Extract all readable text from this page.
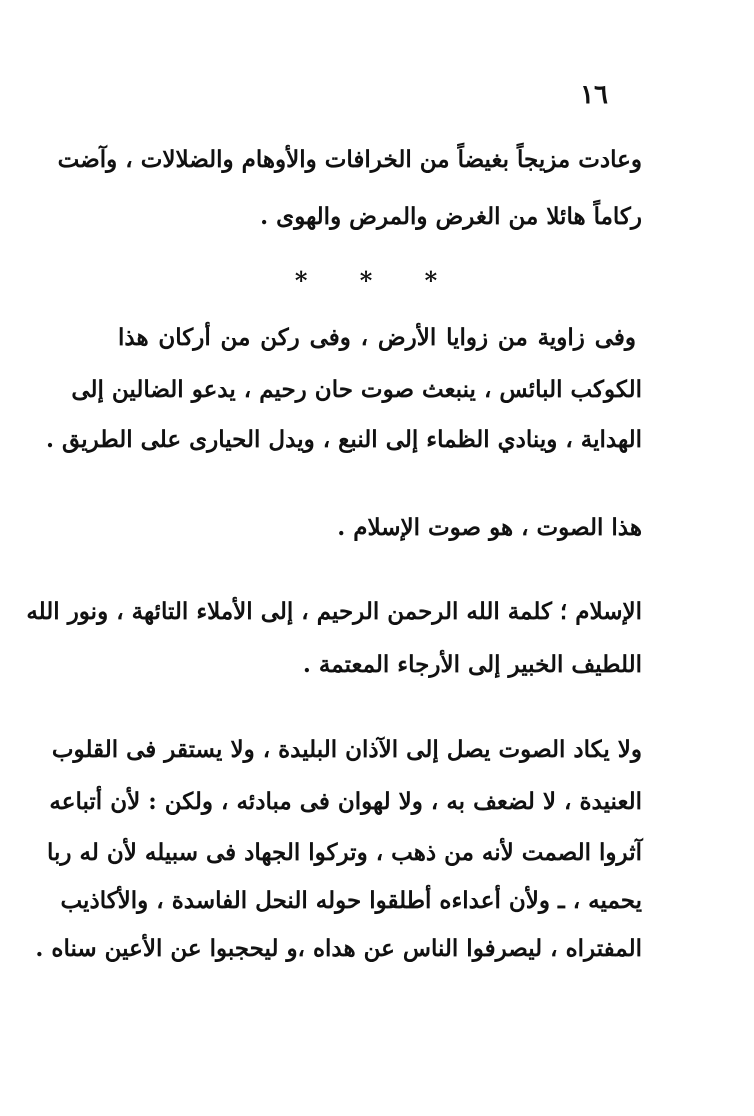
١٦
وعادت مزيجاً بغيضاً من الخرافات والأوهام والضلالات ، وآضت
ركاماً هائلا من الغرض والمرض والهوى .
* * *
وفى زاوية من زوايا الأرض ، وفى ركن من أركان هذا
الكوكب البائس ، ينبعث صوت حان رحيم ، يدعو الضالين إلى
الهداية ، وينادي الظماء إلى النبع ، ويدل الحيارى على الطريق .
هذا الصوت ، هو صوت الإسلام .
الإسلام ؛ كلمة الله الرحمن الرحيم ، إلى الأملاء التائهة ، ونور الله
اللطيف الخبير إلى الأرجاء المعتمة .
ولا يكاد الصوت يصل إلى الآذان البليدة ، ولا يستقر فى القلوب
العنيدة ، لا لضعف به ، ولا لهوان فى مبادئه ، ولكن : لأن أتباعه
آثروا الصمت لأنه من ذهب ، وتركوا الجهاد فى سبيله لأن له ربا
يحميه ، ـ ولأن أعداءه أطلقوا حوله النحل الفاسدة ، والأكاذيب
المفتراه ، ليصرفوا الناس عن هداه ،و ليحجبوا عن الأعين سناه .
